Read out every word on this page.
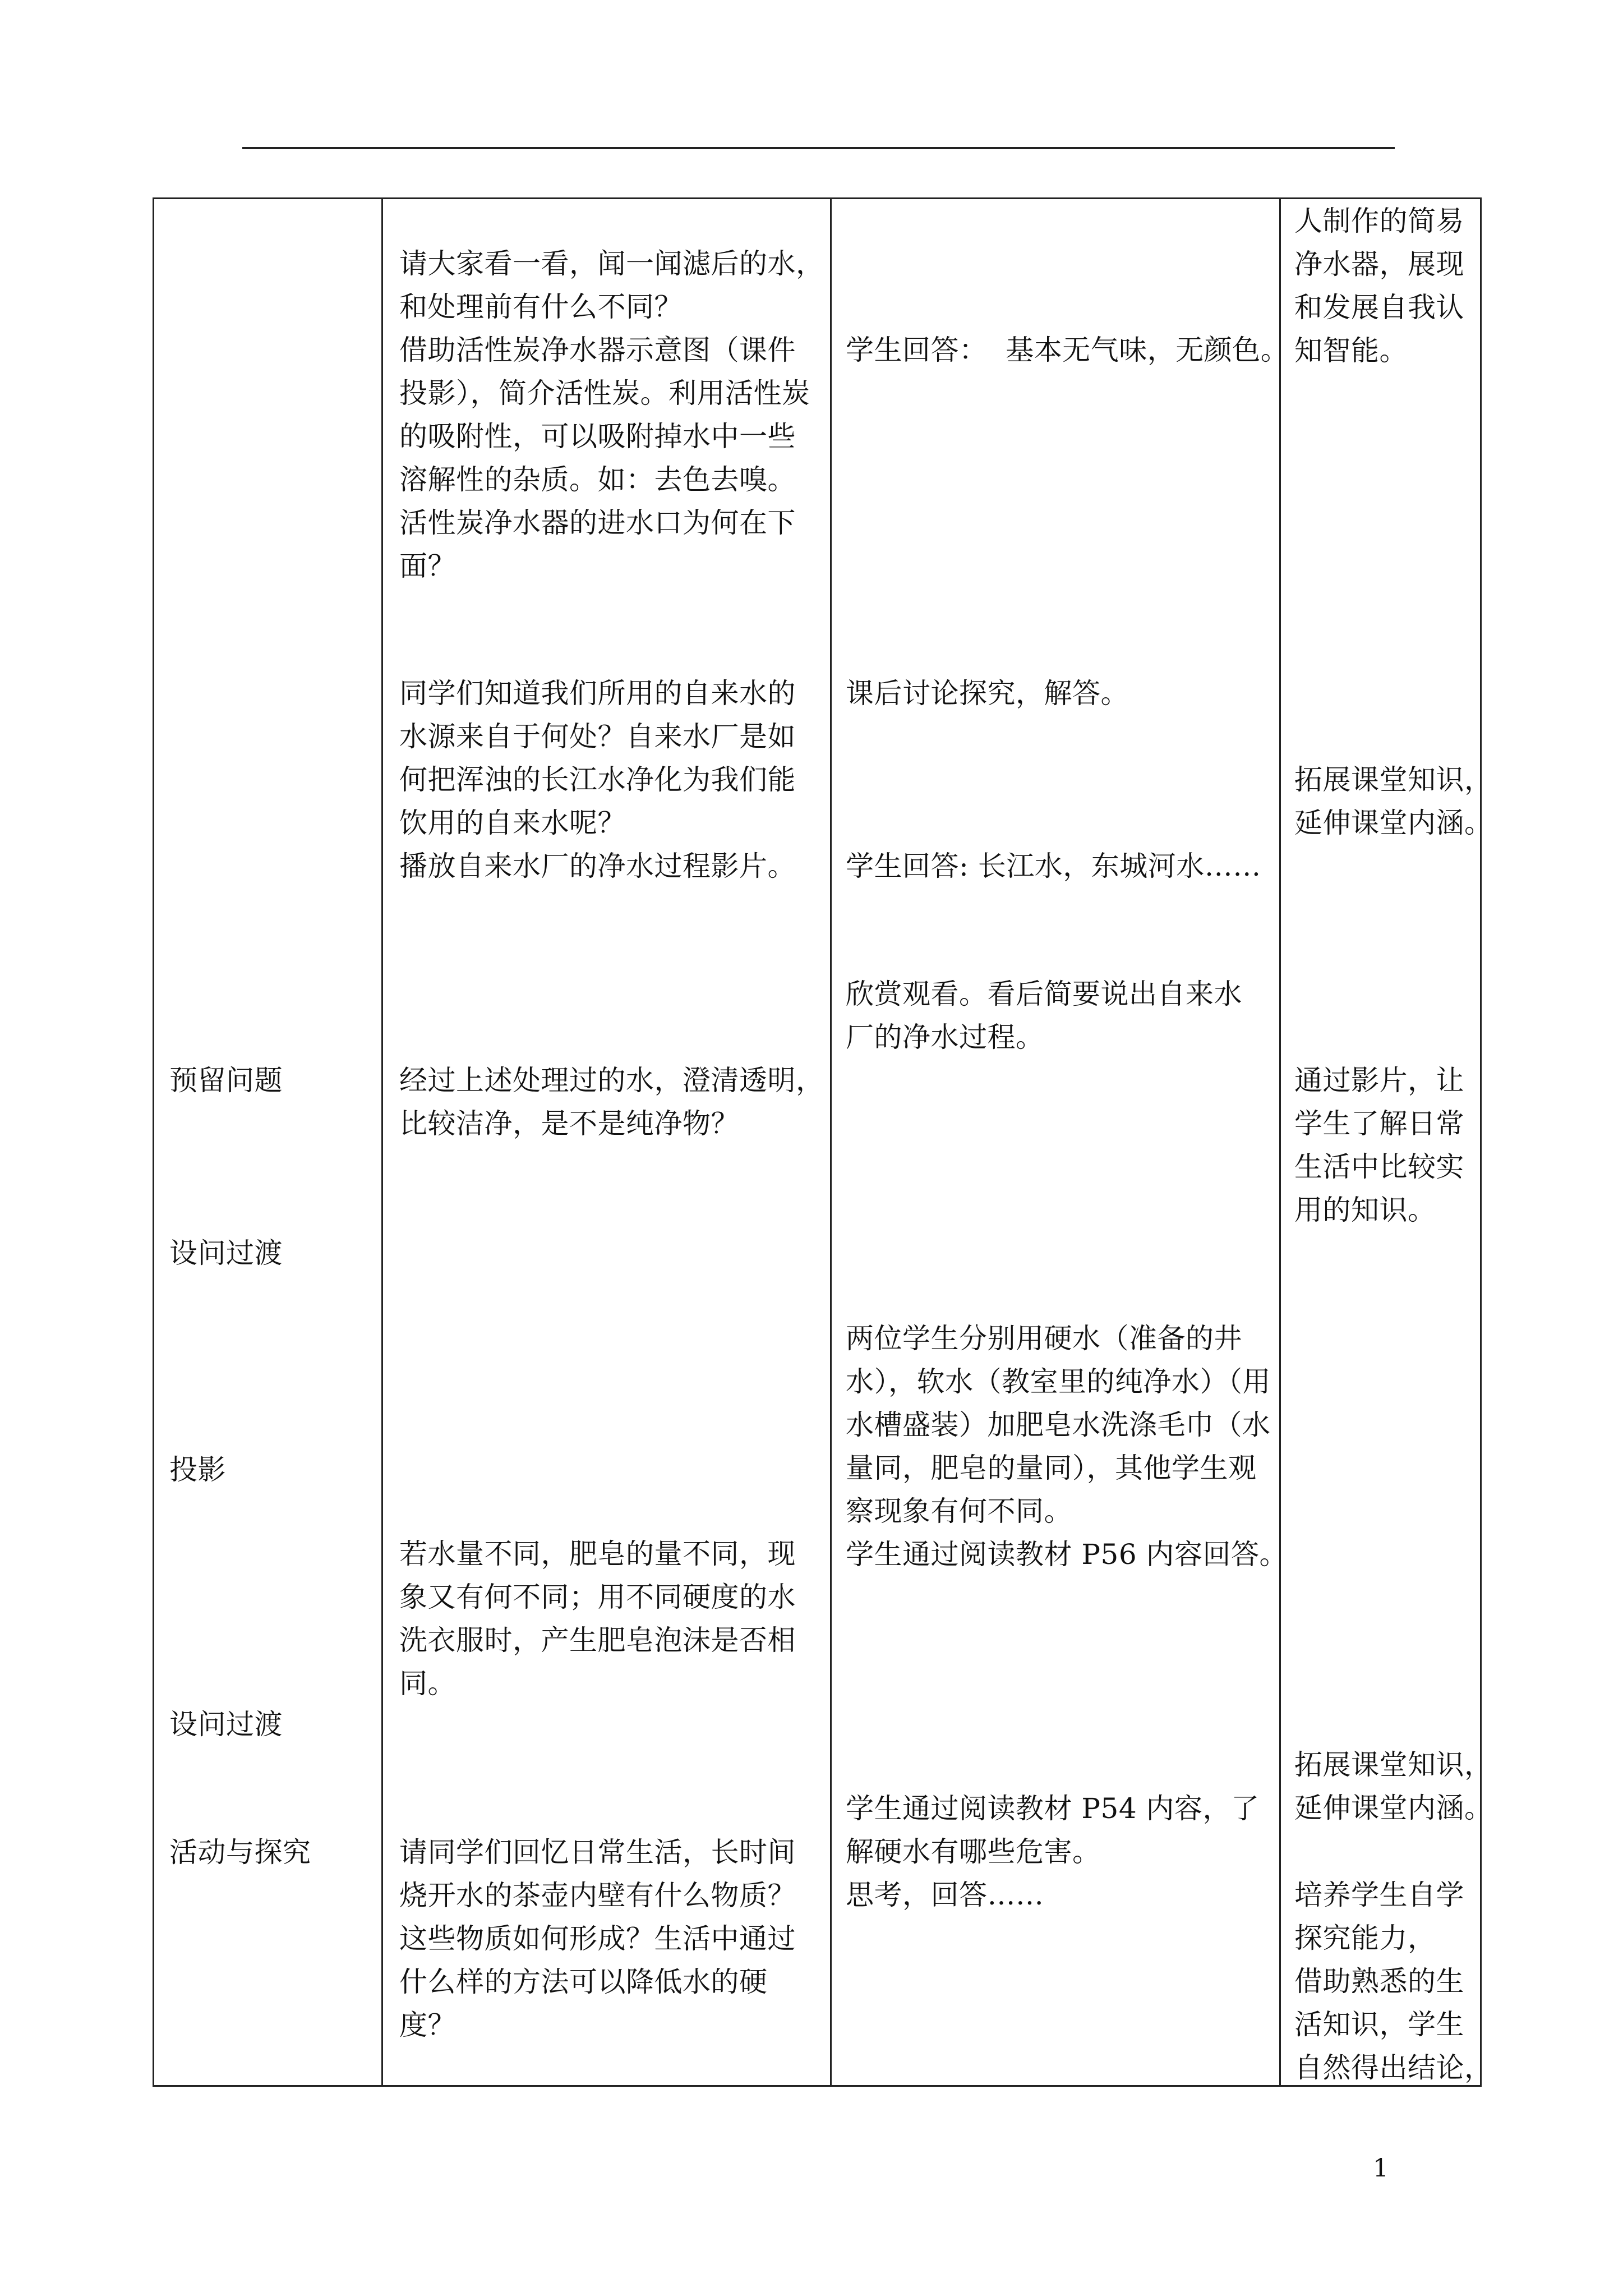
预留问题
设问过渡
投影
设问过渡
活动与探究
请大家看一看，闻一闻滤后的水，
和处理前有什么不同？
借助活性炭净水器示意图（课件
投影），简介活性炭。利用活性炭
的吸附性，可以吸附掉水中一些
溶解性的杂质。如：去色去嗅。
活性炭净水器的进水口为何在下
面？
同学们知道我们所用的自来水的
水源来自于何处？自来水厂是如
何把浑浊的长江水净化为我们能
饮用的自来水呢？
播放自来水厂的净水过程影片。
经过上述处理过的水，澄清透明，
比较洁净，是不是纯净物？
若水量不同，肥皂的量不同，现
象又有何不同；用不同硬度的水
洗衣服时，产生肥皂泡沫是否相
同。
请同学们回忆日常生活，长时间
烧开水的茶壶内壁有什么物质？
这些物质如何形成？生活中通过
什么样的方法可以降低水的硬
度？
学生回答：  基本无气味，无颜色。
课后讨论探究，解答。
学生回答: 长江水，东城河水……
欣赏观看。看后简要说出自来水
厂的净水过程。
两位学生分别用硬水（准备的井
水），软水（教室里的纯净水）（用
水槽盛装）加肥皂水洗涤毛巾（水
量同，肥皂的量同），其他学生观
察现象有何不同。
学生通过阅读教材 P56 内容回答。
学生通过阅读教材 P54 内容，了
解硬水有哪些危害。
思考，回答……
人制作的简易
净水器，展现
和发展自我认
知智能。
拓展课堂知识，
延伸课堂内涵。
通过影片，让
学生了解日常
生活中比较实
用的知识。
拓展课堂知识，
延伸课堂内涵。
培养学生自学
探究能力，
借助熟悉的生
活知识，学生
自然得出结论，
1
